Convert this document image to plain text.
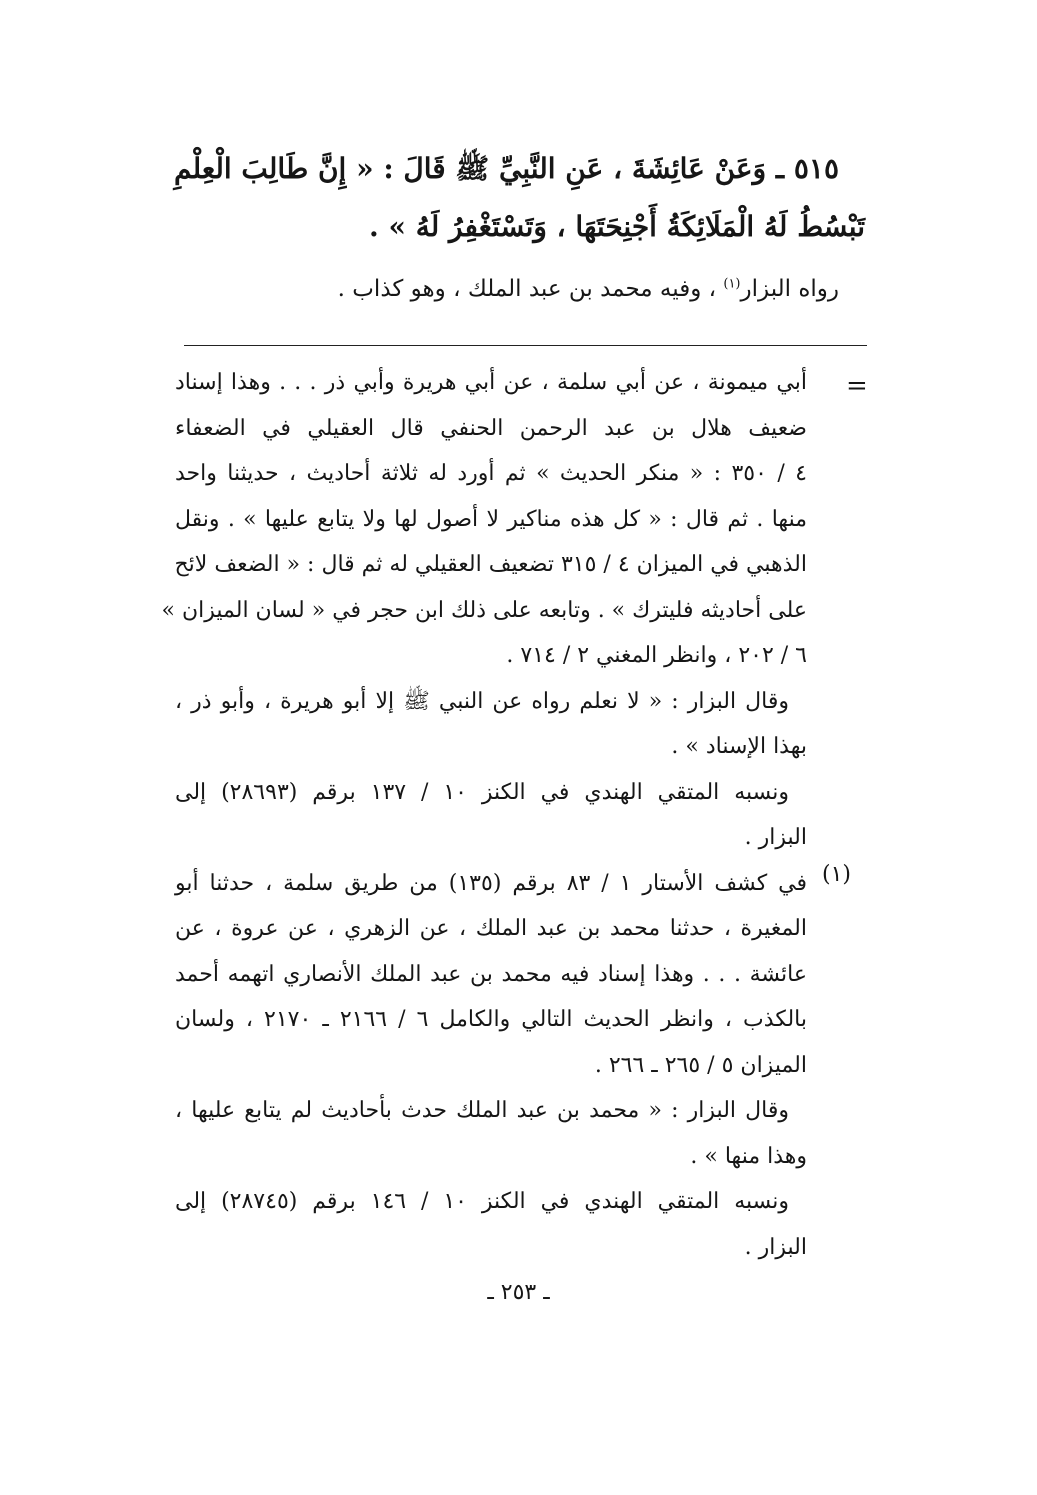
٥١٥ ـ وَعَنْ عَائِشَةَ ، عَنِ النَّبِيِّ ﷺ قَالَ : « إِنَّ طَالِبَ الْعِلْمِ
تَبْسُطُ لَهُ الْمَلَائِكَةُ أَجْنِحَتَهَا ، وَتَسْتَغْفِرُ لَهُ » .
رواه البزار$^{(١)}$ ، وفيه محمد بن عبد الملك ، وهو كذاب .
=
(١)
أبي ميمونة ، عن أبي سلمة ، عن أبي هريرة وأبي ذر . . . وهذا إسناد
ضعيف هلال بن عبد الرحمن الحنفي قال العقيلي في الضعفاء
٤ / ٣٥٠ : « منكر الحديث » ثم أورد له ثلاثة أحاديث ، حديثنا واحد
منها . ثم قال : « كل هذه مناكير لا أصول لها ولا يتابع عليها » . ونقل
الذهبي في الميزان ٤ / ٣١٥ تضعيف العقيلي له ثم قال : « الضعف لائح
على أحاديثه فليترك » . وتابعه على ذلك ابن حجر في « لسان الميزان »
٦ / ٢٠٢ ، وانظر المغني ٢ / ٧١٤ .
وقال البزار : « لا نعلم رواه عن النبي ﷺ إلا أبو هريرة ، وأبو ذر ،
بهذا الإسناد » .
ونسبه المتقي الهندي في الكنز ١٠ / ١٣٧ برقم (٢٨٦٩٣) إلى
البزار .
في كشف الأستار ١ / ٨٣ برقم (١٣٥) من طريق سلمة ، حدثنا أبو
المغيرة ، حدثنا محمد بن عبد الملك ، عن الزهري ، عن عروة ، عن
عائشة . . . وهذا إسناد فيه محمد بن عبد الملك الأنصاري اتهمه أحمد
بالكذب ، وانظر الحديث التالي والكامل ٦ / ٢١٦٦ ـ ٢١٧٠ ، ولسان
الميزان ٥ / ٢٦٥ ـ ٢٦٦ .
وقال البزار : « محمد بن عبد الملك حدث بأحاديث لم يتابع عليها ،
وهذا منها » .
ونسبه المتقي الهندي في الكنز ١٠ / ١٤٦ برقم (٢٨٧٤٥) إلى
البزار .
ـ ٢٥٣ ـ
